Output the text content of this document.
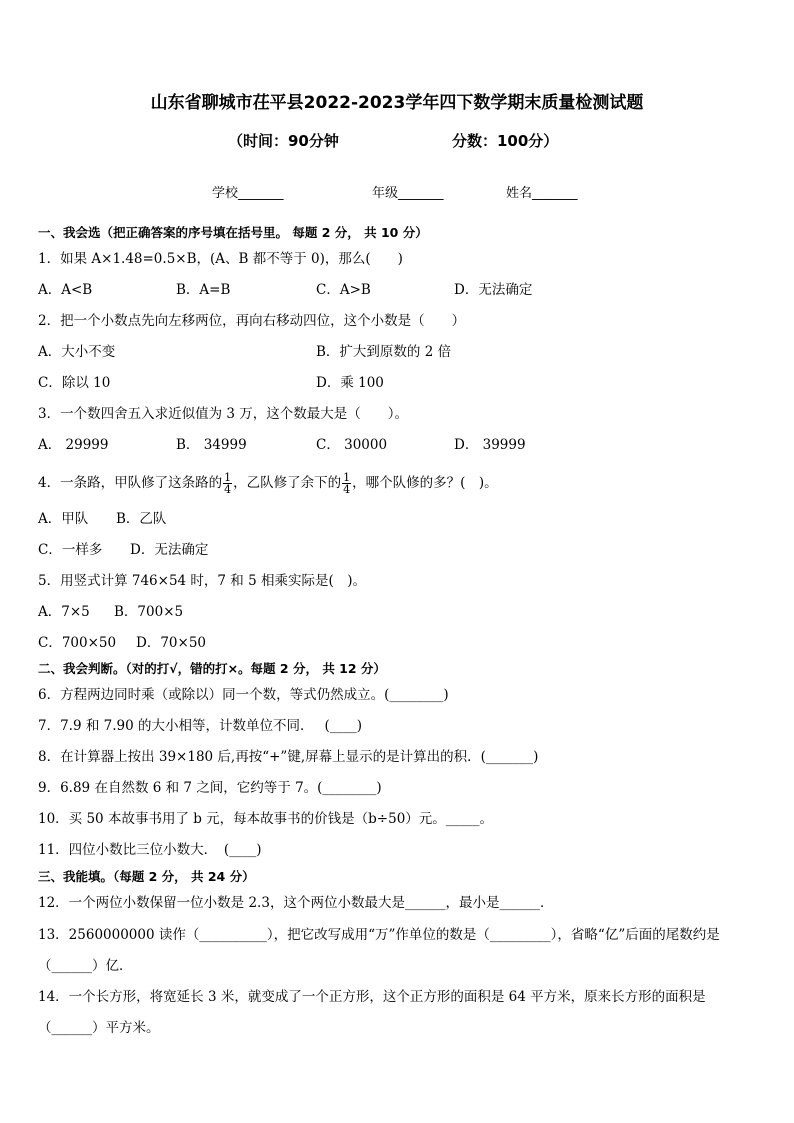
山东省聊城市茌平县2022-2023学年四下数学期末质量检测试题
（时间：90分钟	分数：100分）
学校_______	年级_______	姓名_______
一、我会选（把正确答案的序号填在括号里。 每题 2 分， 共 10 分）
1．如果 A×1.48=0.5×B，(A、B 都不等于 0)，那么(　　)
A．A<B	B．A=B	C．A>B	D．无法确定
2．把一个小数点先向左移两位，再向右移动四位，这个小数是（　　）
A．大小不变	B．扩大到原数的 2 倍
C．除以 10	D．乘 100
3．一个数四舍五入求近似值为 3 万，这个数最大是（　　）。
A． 29999	B． 34999	C． 30000	D． 39999
4．一条路，甲队修了这条路的 $\frac{1}{4}$ ，乙队修了余下的 $\frac{1}{4}$ ，哪个队修的多？(　)。
A．甲队 B．乙队
C．一样多 D．无法确定
5．用竖式计算 746×54 时，7 和 5 相乘实际是(　)。
A．7×5 B．700×5
C．700×50 D．70×50
二、我会判断。（对的打√，错的打×。每题 2 分， 共 12 分）
6．方程两边同时乘（或除以）同一个数，等式仍然成立。(________)
7．7.9 和 7.90 的大小相等，计数单位不同．　 (____)
8．在计算器上按出 39×180 后,再按“+”键,屏幕上显示的是计算出的积．(_______)
9．6.89 在自然数 6 和 7 之间，它约等于 7。(________)
10．买 50 本故事书用了 b 元，每本故事书的价钱是（b÷50）元。_____。
11．四位小数比三位小数大．　(____)
三、我能填。（每题 2 分， 共 24 分）
12．一个两位小数保留一位小数是 2.3，这个两位小数最大是______，最小是______．
13．2560000000 读作（__________），把它改写成用“万”作单位的数是（_________），省略“亿”后面的尾数约是
（______）亿．
14．一个长方形，将宽延长 3 米，就变成了一个正方形，这个正方形的面积是 64 平方米，原来长方形的面积是
（______）平方米。
